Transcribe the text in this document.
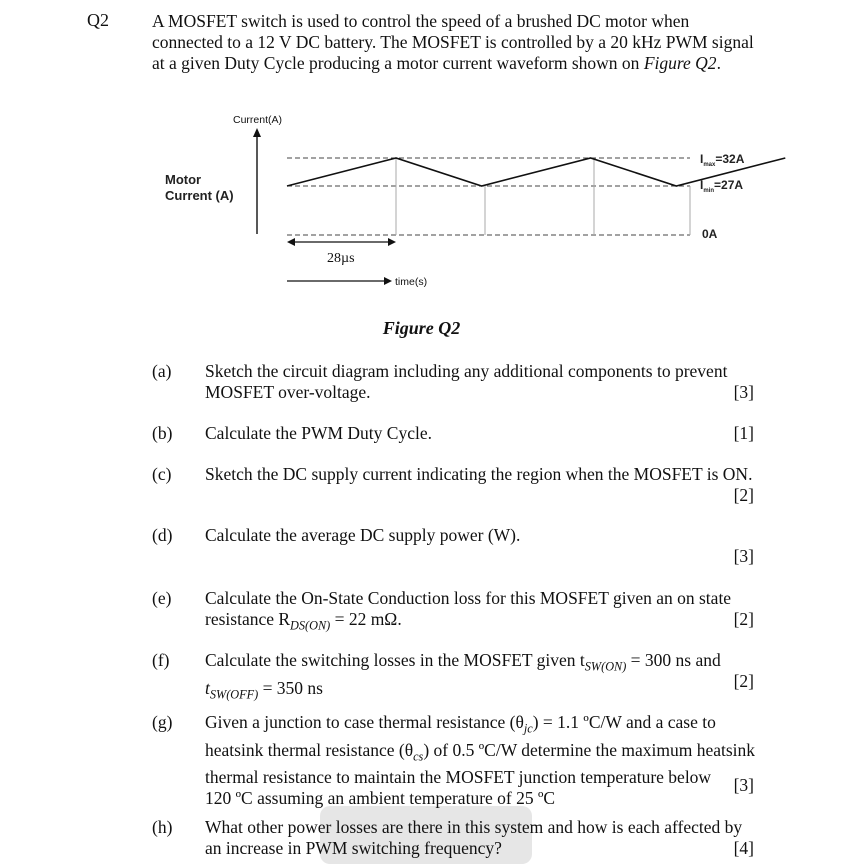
Q2 A MOSFET switch is used to control the speed of a brushed DC motor when

connected to a 12 V DC battery. The MOSFET is controlled by a 20 kHz PWM signal

at a given Duty Cycle producing a motor current waveform shown on Figure Q2.

Current(A)
Motor
Current (A)
$I_{max}=32A$
$I_{min}=27A$
0A
28µs
time(s)
Figure Q2
(a) Sketch the circuit diagram including any additional components to prevent
MOSFET over-voltage.	[3]
(b) Calculate the PWM Duty Cycle.	[1]
(c) Sketch the DC supply current indicating the region when the MOSFET is ON.
[2]
(d) Calculate the average DC supply power (W).
[3]
(e) Calculate the On-State Conduction loss for this MOSFET given an on state
resistance $R_{DS(ON)} = 22$ mΩ.	[2]
(f) Calculate the switching losses in the MOSFET given $t_{SW(ON)} = 300$ ns and
$t_{SW(OFF)} = 350$ ns	[2]
(g) Given a junction to case thermal resistance $(\theta_{jc}) = 1.1$ ºC/W and a case to
heatsink thermal resistance $(\theta_{cs})$ of 0.5 ºC/W determine the maximum heatsink
thermal resistance to maintain the MOSFET junction temperature below
120 ºC assuming an ambient temperature of 25 ºC
[3]
(h) What other power losses are there in this system and how is each affected by
an increase in PWM switching frequency?	[4]
